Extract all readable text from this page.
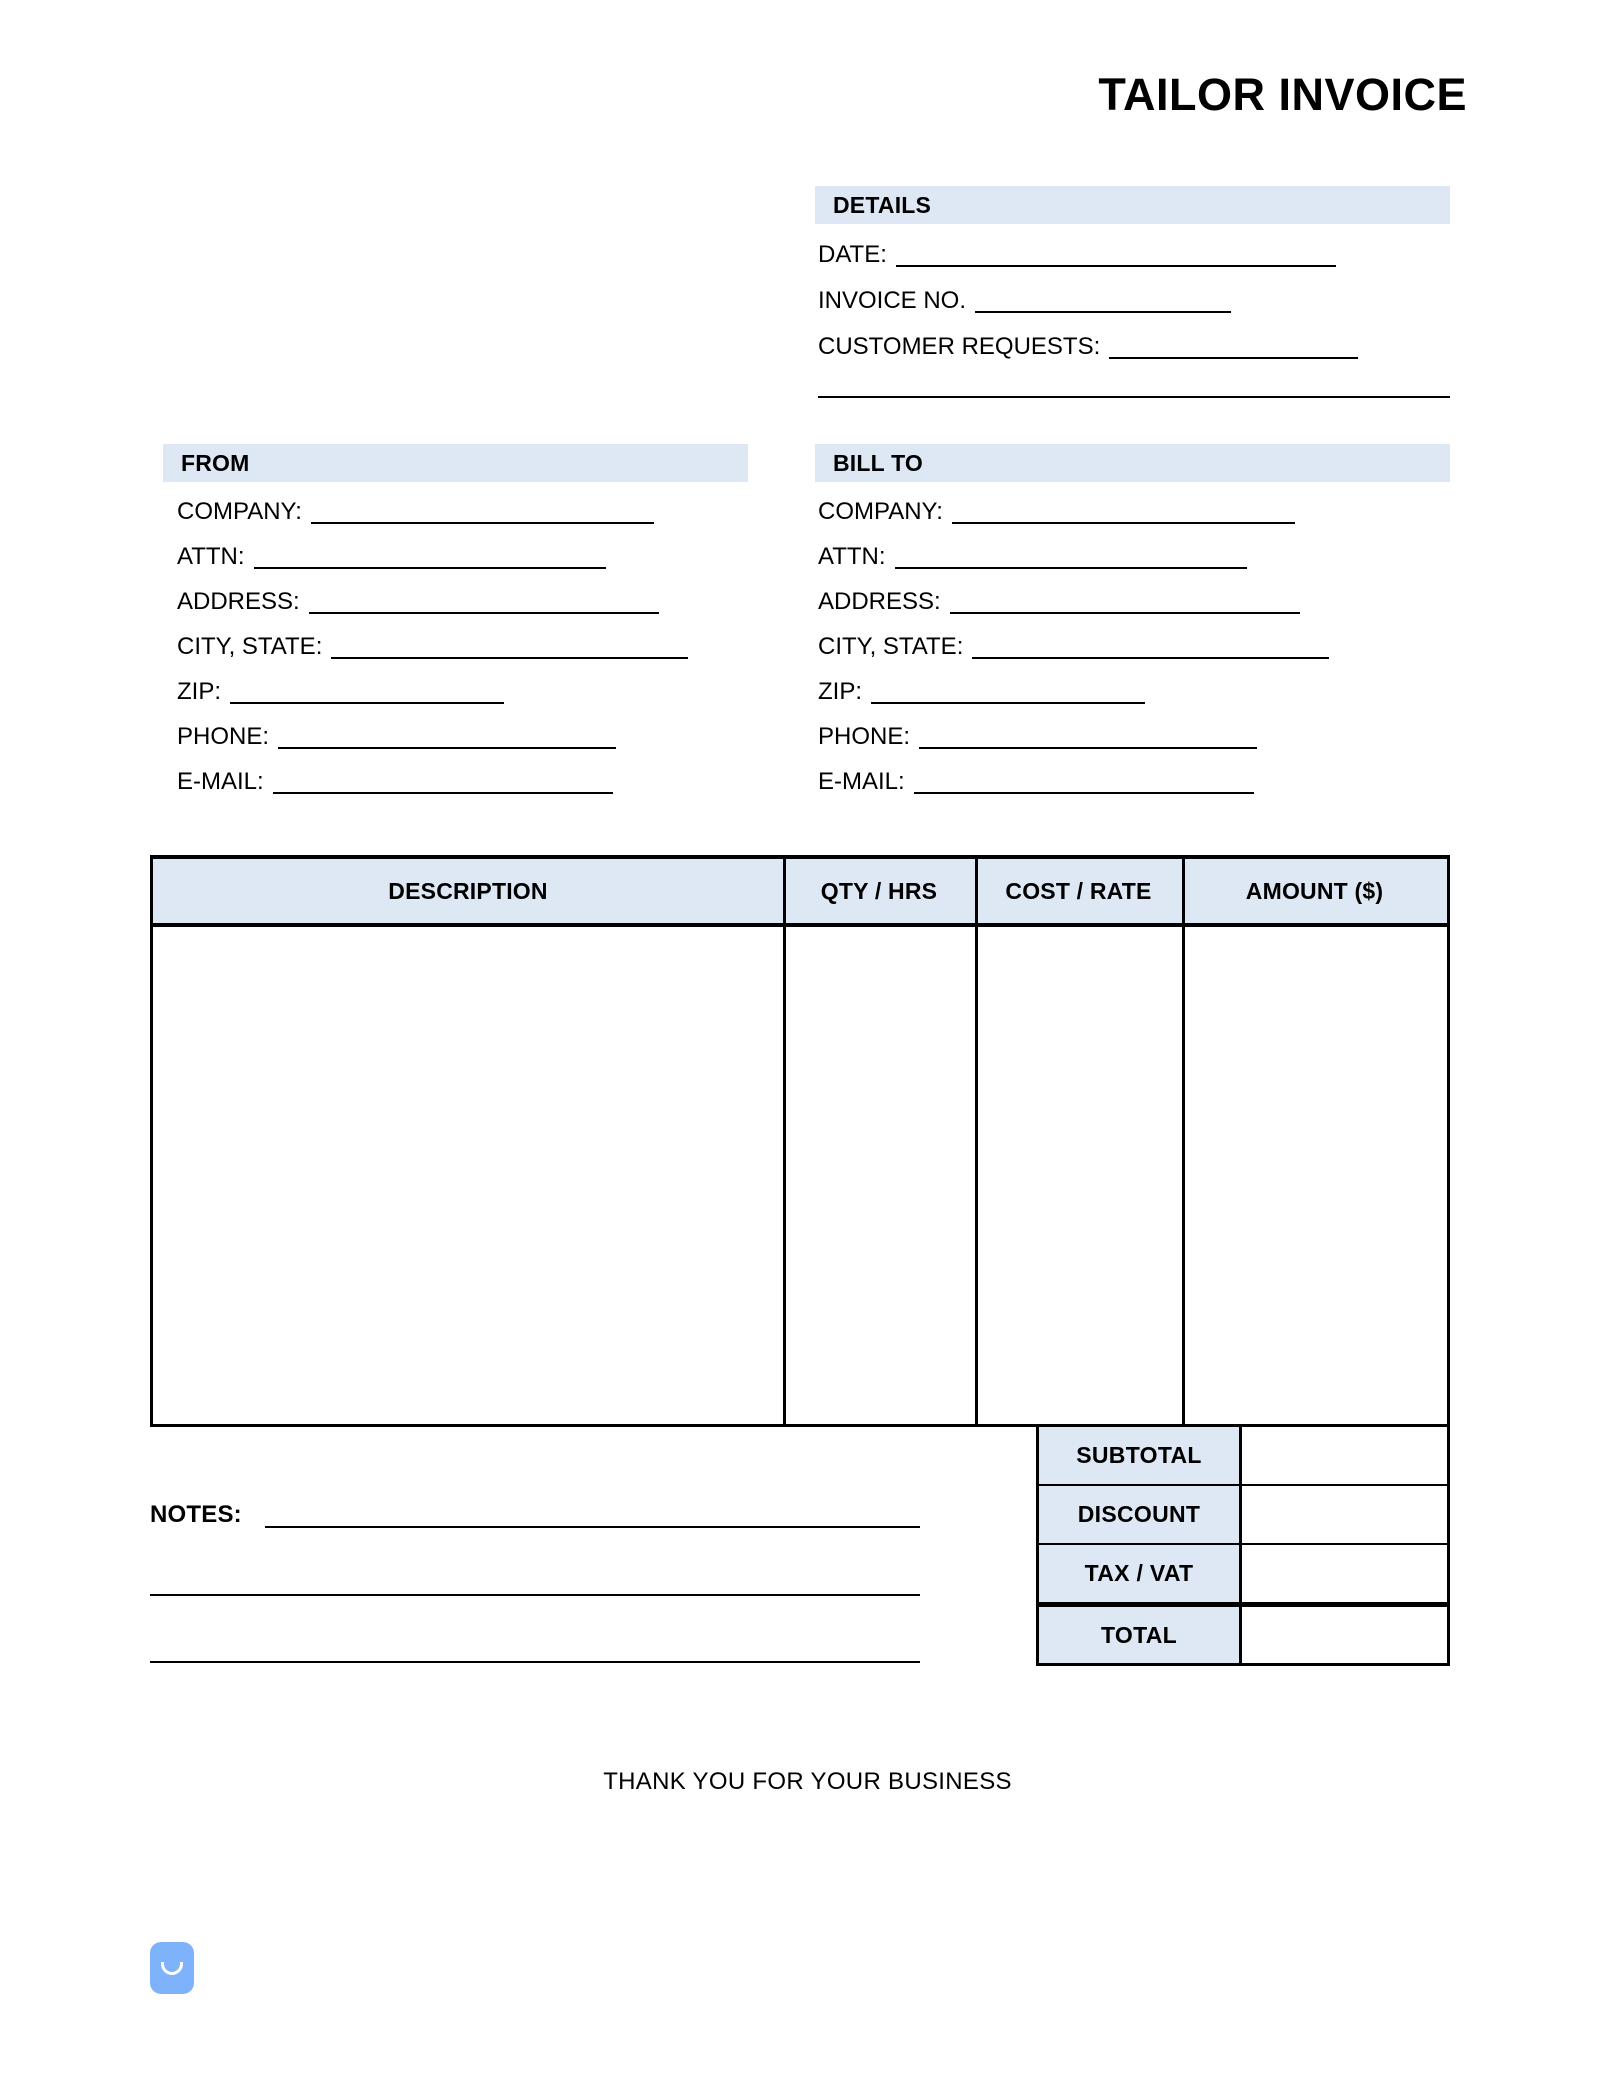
TAILOR INVOICE
DETAILS
DATE:
INVOICE NO.
CUSTOMER REQUESTS:
FROM
COMPANY:
ATTN:
ADDRESS:
CITY, STATE:
ZIP:
PHONE:
E-MAIL:
BILL TO
COMPANY:
ATTN:
ADDRESS:
CITY, STATE:
ZIP:
PHONE:
E-MAIL:
DESCRIPTION	QTY / HRS	COST / RATE	AMOUNT ($)
SUBTOTAL
DISCOUNT
TAX / VAT
TOTAL
NOTES:
THANK YOU FOR YOUR BUSINESS
